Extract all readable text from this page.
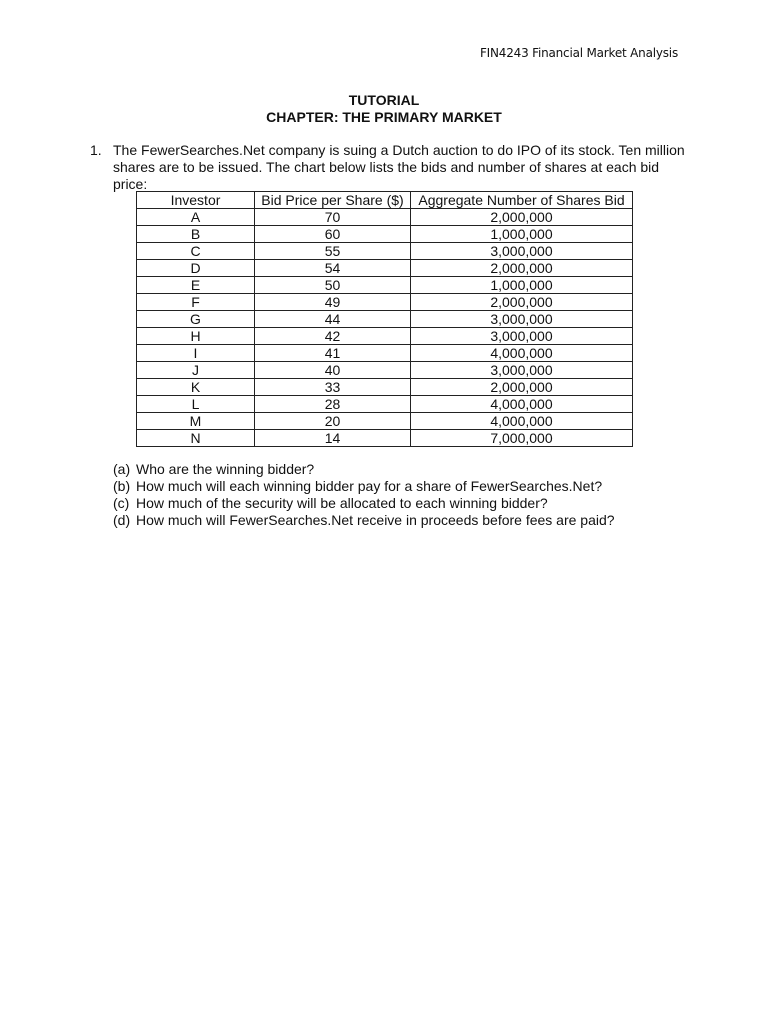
FIN4243 Financial Market Analysis
TUTORIAL
CHAPTER: THE PRIMARY MARKET
1. The FewerSearches.Net company is suing a Dutch auction to do IPO of its stock. Ten million shares are to be issued. The chart below lists the bids and number of shares at each bid price:
Investor	Bid Price per Share ($)	Aggregate Number of Shares Bid
A	70	2,000,000
B	60	1,000,000
C	55	3,000,000
D	54	2,000,000
E	50	1,000,000
F	49	2,000,000
G	44	3,000,000
H	42	3,000,000
I	41	4,000,000
J	40	3,000,000
K	33	2,000,000
L	28	4,000,000
M	20	4,000,000
N	14	7,000,000
(a) Who are the winning bidder?
(b) How much will each winning bidder pay for a share of FewerSearches.Net?
(c) How much of the security will be allocated to each winning bidder?
(d) How much will FewerSearches.Net receive in proceeds before fees are paid?
